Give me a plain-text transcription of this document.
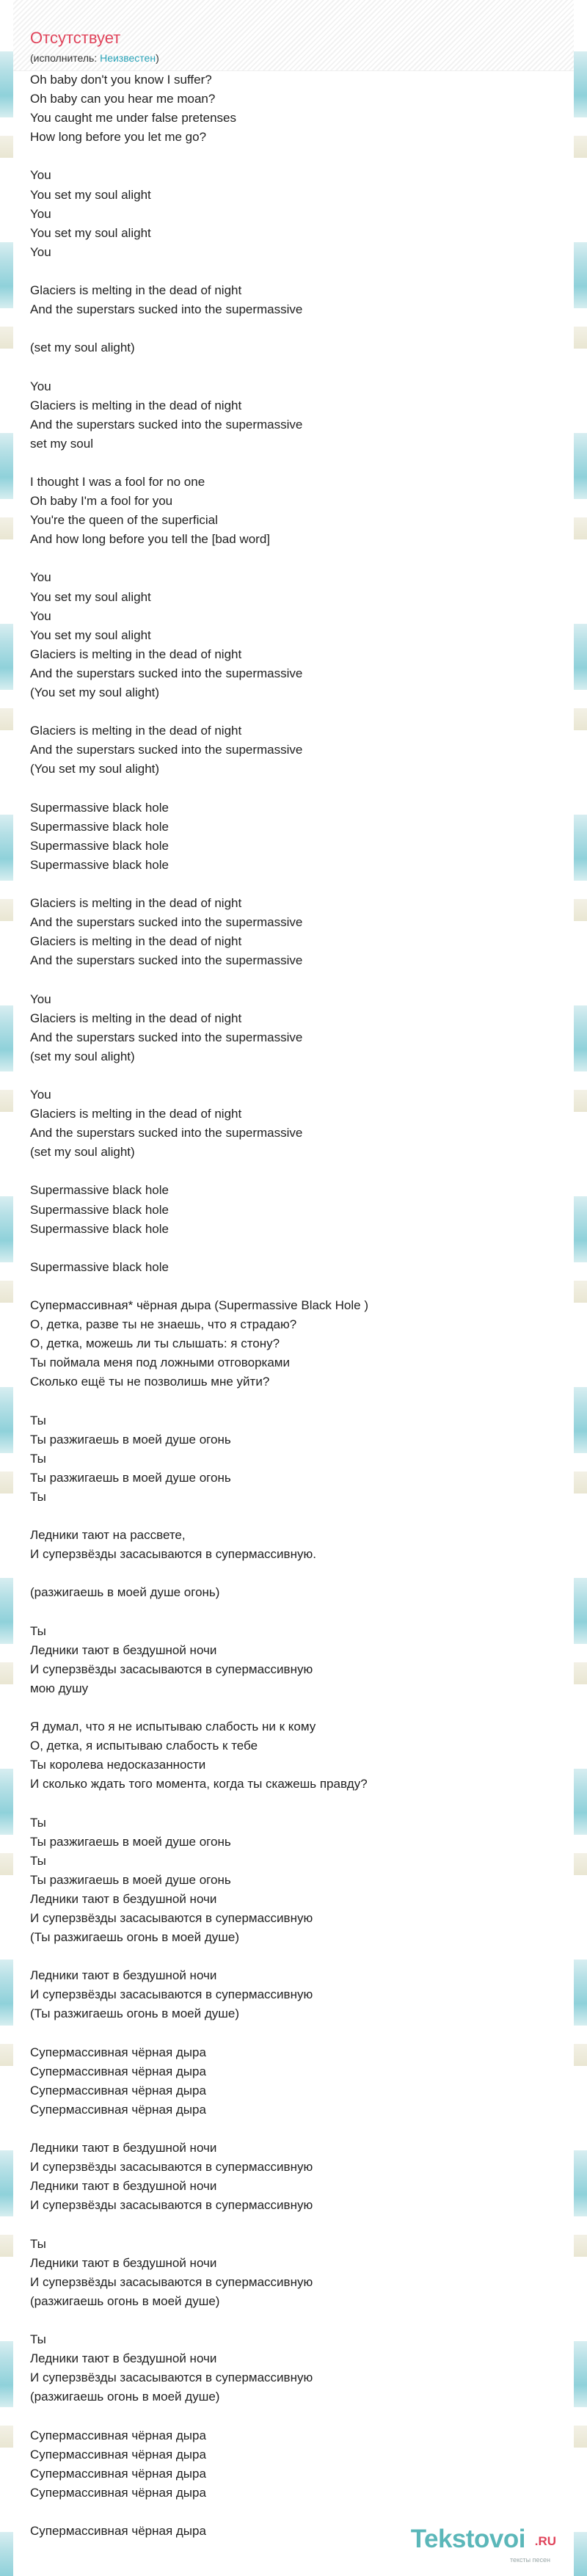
Отсутствует
(исполнитель: Неизвестен)
Oh baby don't you know I suffer?
Oh baby can you hear me moan?
You caught me under false pretenses
How long before you let me go?
You
You set my soul alight
You
You set my soul alight
You
Glaciers is melting in the dead of night
And the superstars sucked into the supermassive
(set my soul alight)
You
Glaciers is melting in the dead of night
And the superstars sucked into the supermassive
set my soul
I thought I was a fool for no one
Oh baby I'm a fool for you
You're the queen of the superficial
And how long before you tell the [bad word]
You
You set my soul alight
You
You set my soul alight
Glaciers is melting in the dead of night
And the superstars sucked into the supermassive
(You set my soul alight)
Glaciers is melting in the dead of night
And the superstars sucked into the supermassive
(You set my soul alight)
Supermassive black hole
Supermassive black hole
Supermassive black hole
Supermassive black hole
Glaciers is melting in the dead of night
And the superstars sucked into the supermassive
Glaciers is melting in the dead of night
And the superstars sucked into the supermassive
You
Glaciers is melting in the dead of night
And the superstars sucked into the supermassive
(set my soul alight)
You
Glaciers is melting in the dead of night
And the superstars sucked into the supermassive
(set my soul alight)
Supermassive black hole
Supermassive black hole
Supermassive black hole
Supermassive black hole
Супермассивная* чёрная дыра (Supermassive Black Hole )
О, детка, разве ты не знаешь, что я страдаю?
О, детка, можешь ли ты слышать: я стону?
Ты поймала меня под ложными отговорками
Сколько ещё ты не позволишь мне уйти?
Ты
Ты разжигаешь в моей душе огонь
Ты
Ты разжигаешь в моей душе огонь
Ты
Ледники тают на рассвете,
И суперзвёзды засасываются в супермассивную.
(разжигаешь в моей душе огонь)
Ты
Ледники тают в бездушной ночи
И суперзвёзды засасываются в супермассивную
мою душу
Я думал, что я не испытываю слабость ни к кому
О, детка, я испытываю слабость к тебе
Ты королева недосказанности
И сколько ждать того момента, когда ты скажешь правду?
Ты
Ты разжигаешь в моей душе огонь
Ты
Ты разжигаешь в моей душе огонь
Ледники тают в бездушной ночи
И суперзвёзды засасываются в супермассивную
(Ты разжигаешь огонь в моей душе)
Ледники тают в бездушной ночи
И суперзвёзды засасываются в супермассивную
(Ты разжигаешь огонь в моей душе)
Супермассивная чёрная дыра
Супермассивная чёрная дыра
Супермассивная чёрная дыра
Супермассивная чёрная дыра
Ледники тают в бездушной ночи
И суперзвёзды засасываются в супермассивную
Ледники тают в бездушной ночи
И суперзвёзды засасываются в супермассивную
Ты
Ледники тают в бездушной ночи
И суперзвёзды засасываются в супермассивную
(разжигаешь огонь в моей душе)
Ты
Ледники тают в бездушной ночи
И суперзвёзды засасываются в супермассивную
(разжигаешь огонь в моей душе)
Супермассивная чёрная дыра
Супермассивная чёрная дыра
Супермассивная чёрная дыра
Супермассивная чёрная дыра
Супермассивная чёрная дыра	Tekstovoi .RU
тексты песен
